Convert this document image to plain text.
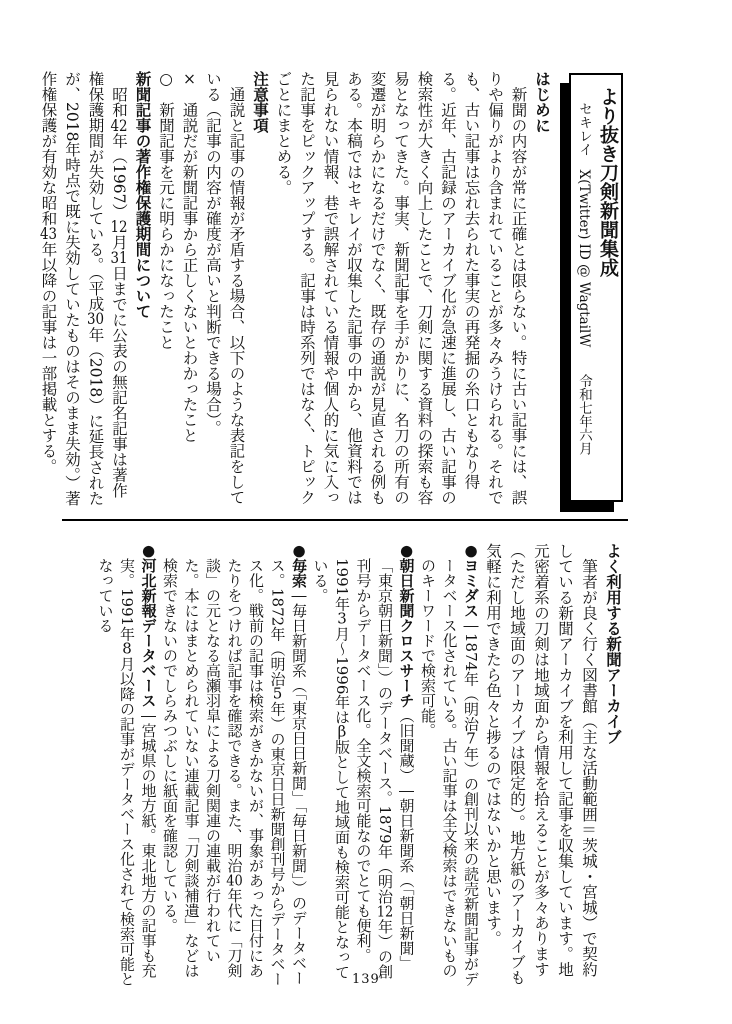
より抜き刀剣新聞集成
セキレイ　X(Twitter) ID @ WagtailW　　令和七年六月
はじめに

　新聞の内容が常に正確とは限らない。特に古い記事には、誤りや偏りがより含まれていることが多々みうけられる。それでも、古い記事は忘れ去られた事実の再発掘の糸口ともなり得る。近年、古記録のアーカイブ化が急速に進展し、古い記事の検索性が大きく向上したことで、刀剣に関する資料の探索も容易となってきた。事実、新聞記事を手がかりに、名刀の所有の変遷が明らかになるだけでなく、既存の通説が見直される例もある。本稿ではセキレイが収集した記事の中から、他資料では見られない情報、巷で誤解されている情報や個人的に気に入った記事をピックアップする。記事は時系列ではなく、トピックごとにまとめる。

注意事項

　通説と記事の情報が矛盾する場合、以下のような表記をしている（記事の内容が確度が高いと判断できる場合）。

×　通説だが新聞記事から正しくないとわかったこと

○　新聞記事を元に明らかになったこと

新聞記事の著作権保護期間について

　昭和42年（1967）12月31日までに公表の無記名記事は著作権保護期間が失効している。（平成30年（2018）に延長されたが、2018年時点で既に失効していたものはそのまま失効。）著作権保護が有効な昭和43年以降の記事は一部掲載とする。

よく利用する新聞アーカイブ

　筆者が良く行く図書館（主な活動範囲＝茨城・宮城）で契約している新聞アーカイブを利用して記事を収集しています。地元密着系の刀剣は地域面から情報を拾えることが多々あります（ただし地域面のアーカイブは限定的）。地方紙のアーカイブも気軽に利用できたら色々と捗るのではないかと思います。

●ヨミダス―1874年（明治7年）の創刊以来の読売新聞記事がデータベース化されている。古い記事は全文検索はできないもののキーワードで検索可能。

●朝日新聞クロスサーチ（旧聞蔵）―朝日新聞系（「朝日新聞」「東京朝日新聞」）のデータベース。1879年（明治12年）の創刊号からデータベース化。全文検索可能なのでとても便利。1991年3月～1996年はβ版として地域面も検索可能となっている。

●毎索―毎日新聞系（「東京日日新聞」「毎日新聞」）のデータベース。1872年（明治5年）の東京日日新聞創刊号からデータベース化。戦前の記事は検索がきかないが、事象があった日付にあたりをつければ記事を確認できる。また、明治40年代に「刀剣談」の元となる高瀬羽皐による刀剣関連の連載が行われていた。本にはまとめられていない連載記事「刀剣談補遺」などは検索できないのでしらみつぶしに紙面を確認している。

●河北新報データベース―宮城県の地方紙。東北地方の記事も充実。1991年8月以降の記事がデータベース化されて検索可能となっている

139
